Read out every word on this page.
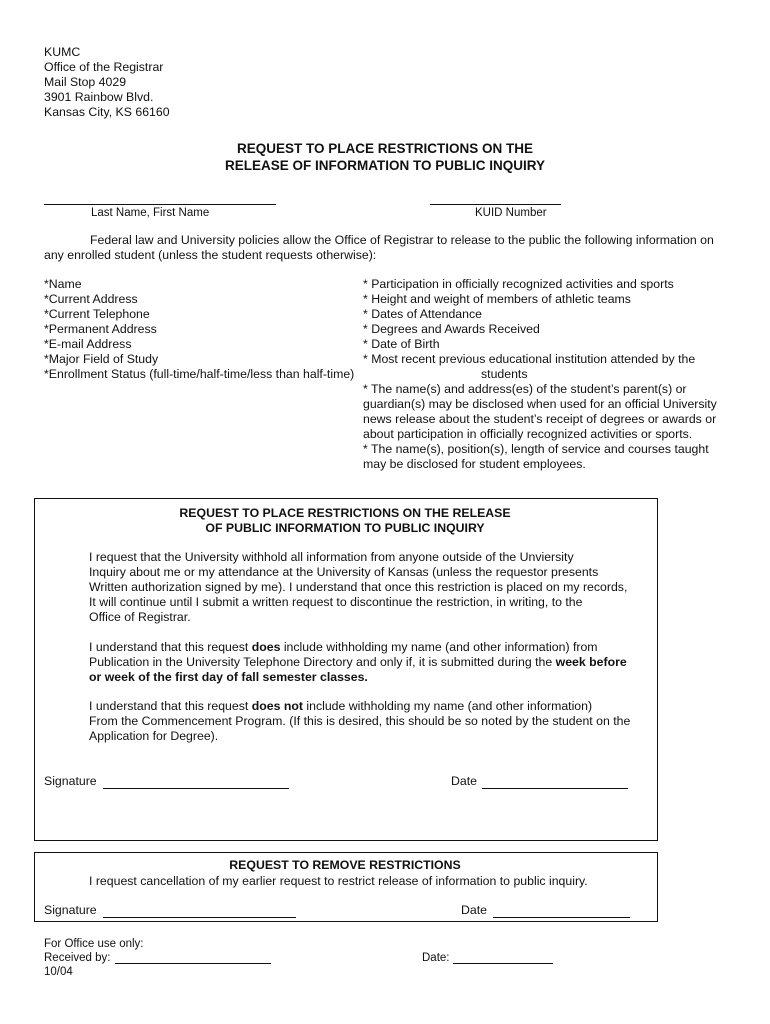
KUMC
Office of the Registrar
Mail Stop 4029
3901 Rainbow Blvd.
Kansas City, KS 66160
REQUEST TO PLACE RESTRICTIONS ON THE
RELEASE OF INFORMATION TO PUBLIC INQUIRY
Last Name, First Name	KUID Number

Federal law and University policies allow the Office of Registrar to release to the public the following information on any enrolled student (unless the student requests otherwise):

*Name
*Current Address
*Current Telephone
*Permanent Address
*E-mail Address
*Major Field of Study
*Enrollment Status (full-time/half-time/less than half-time)
* Participation in officially recognized activities and sports
* Height and weight of members of athletic teams
* Dates of Attendance
* Degrees and Awards Received
* Date of Birth
* Most recent previous educational institution attended by the
students
* The name(s) and address(es) of the student’s parent(s) or
guardian(s) may be disclosed when used for an official University
news release about the student’s receipt of degrees or awards or
about participation in officially recognized activities or sports.
* The name(s), position(s), length of service and courses taught
may be disclosed for student employees.
REQUEST TO PLACE RESTRICTIONS ON THE RELEASE
OF PUBLIC INFORMATION TO PUBLIC INQUIRY
I request that the University withhold all information from anyone outside of the Unviersity
Inquiry about me or my attendance at the University of Kansas (unless the requestor presents
Written authorization signed by me). I understand that once this restriction is placed on my records,
It will continue until I submit a written request to discontinue the restriction, in writing, to the
Office of Registrar.
I understand that this request does include withholding my name (and other information) from
Publication in the University Telephone Directory and only if, it is submitted during the week before
or week of the first day of fall semester classes.
I understand that this request does not include withholding my name (and other information)
From the Commencement Program. (If this is desired, this should be so noted by the student on the
Application for Degree).
Signature	Date
REQUEST TO REMOVE RESTRICTIONS
I request cancellation of my earlier request to restrict release of information to public inquiry.
Signature	Date
For Office use only:
Received by:	Date:
10/04
